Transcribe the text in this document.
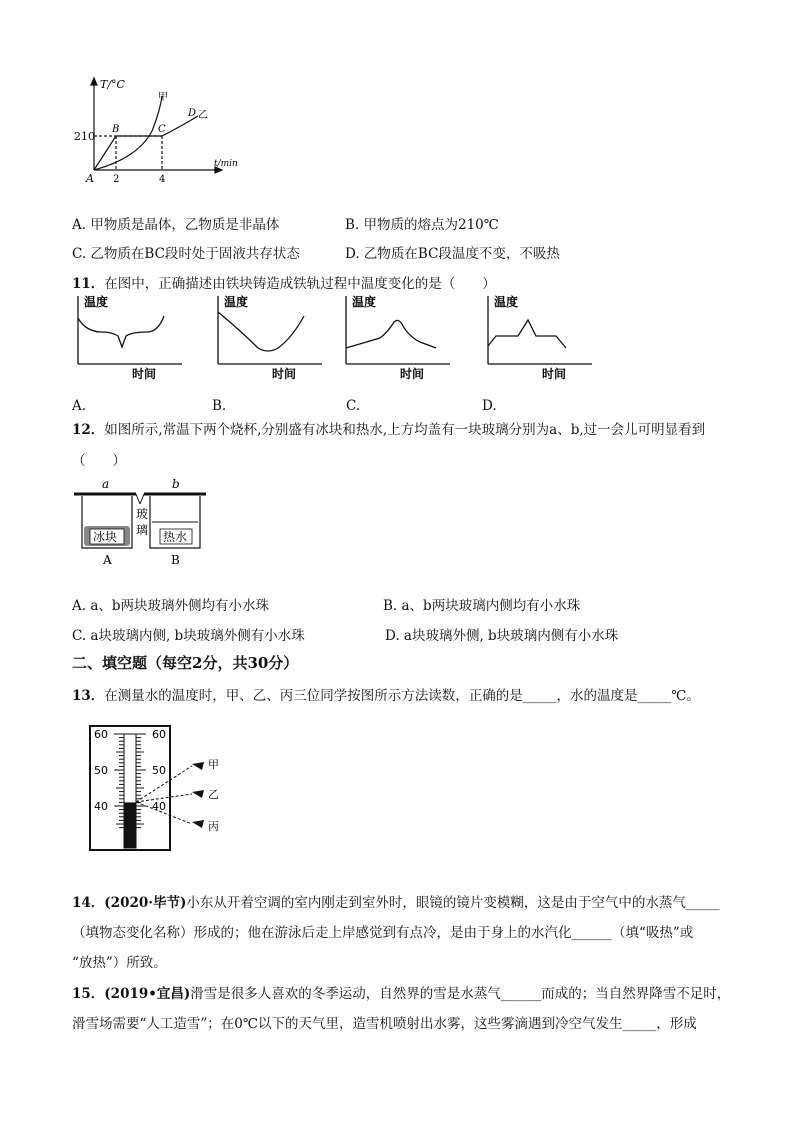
T/°C
t/min
210
A 2	4
B	C
D 乙
甲
A. 甲物质是晶体，乙物质是非晶体	B. 甲物质的熔点为210℃
C. 乙物质在BC段时处于固液共存状态	D. 乙物质在BC段温度不变，不吸热
11．在图中，正确描述由铁块铸造成铁轨过程中温度变化的是（　　）
温度
时间
温度
时间
温度
时间
温度
时间
A.	B.	C.	D.
12．如图所示,常温下两个烧杯,分别盛有冰块和热水,上方均盖有一块玻璃分别为a、b,过一会儿可明显看到
（　　）
a	b
玻
璃
冰块	热水
A	B
A. a、b两块玻璃外侧均有小水珠	B. a、b两块玻璃内侧均有小水珠
C. a块玻璃内侧, b块玻璃外侧有小水珠	D. a块玻璃外侧, b块玻璃内侧有小水珠
二、填空题（每空2分，共30分）
13．在测量水的温度时，甲、乙、丙三位同学按图所示方法读数，正确的是_____，水的温度是_____℃。
60	60
50	50
40	40
甲
乙
丙
14．(2020·毕节)小东从开着空调的室内刚走到室外时，眼镜的镜片变模糊，这是由于空气中的水蒸气_____
（填物态变化名称）形成的；他在游泳后走上岸感觉到有点冷，是由于身上的水汽化______（填“吸热”或
“放热”）所致。
15．(2019•宜昌)滑雪是很多人喜欢的冬季运动，自然界的雪是水蒸气______而成的；当自然界降雪不足时，
滑雪场需要“人工造雪”；在0℃以下的天气里，造雪机喷射出水雾，这些雾滴遇到冷空气发生_____，形成
